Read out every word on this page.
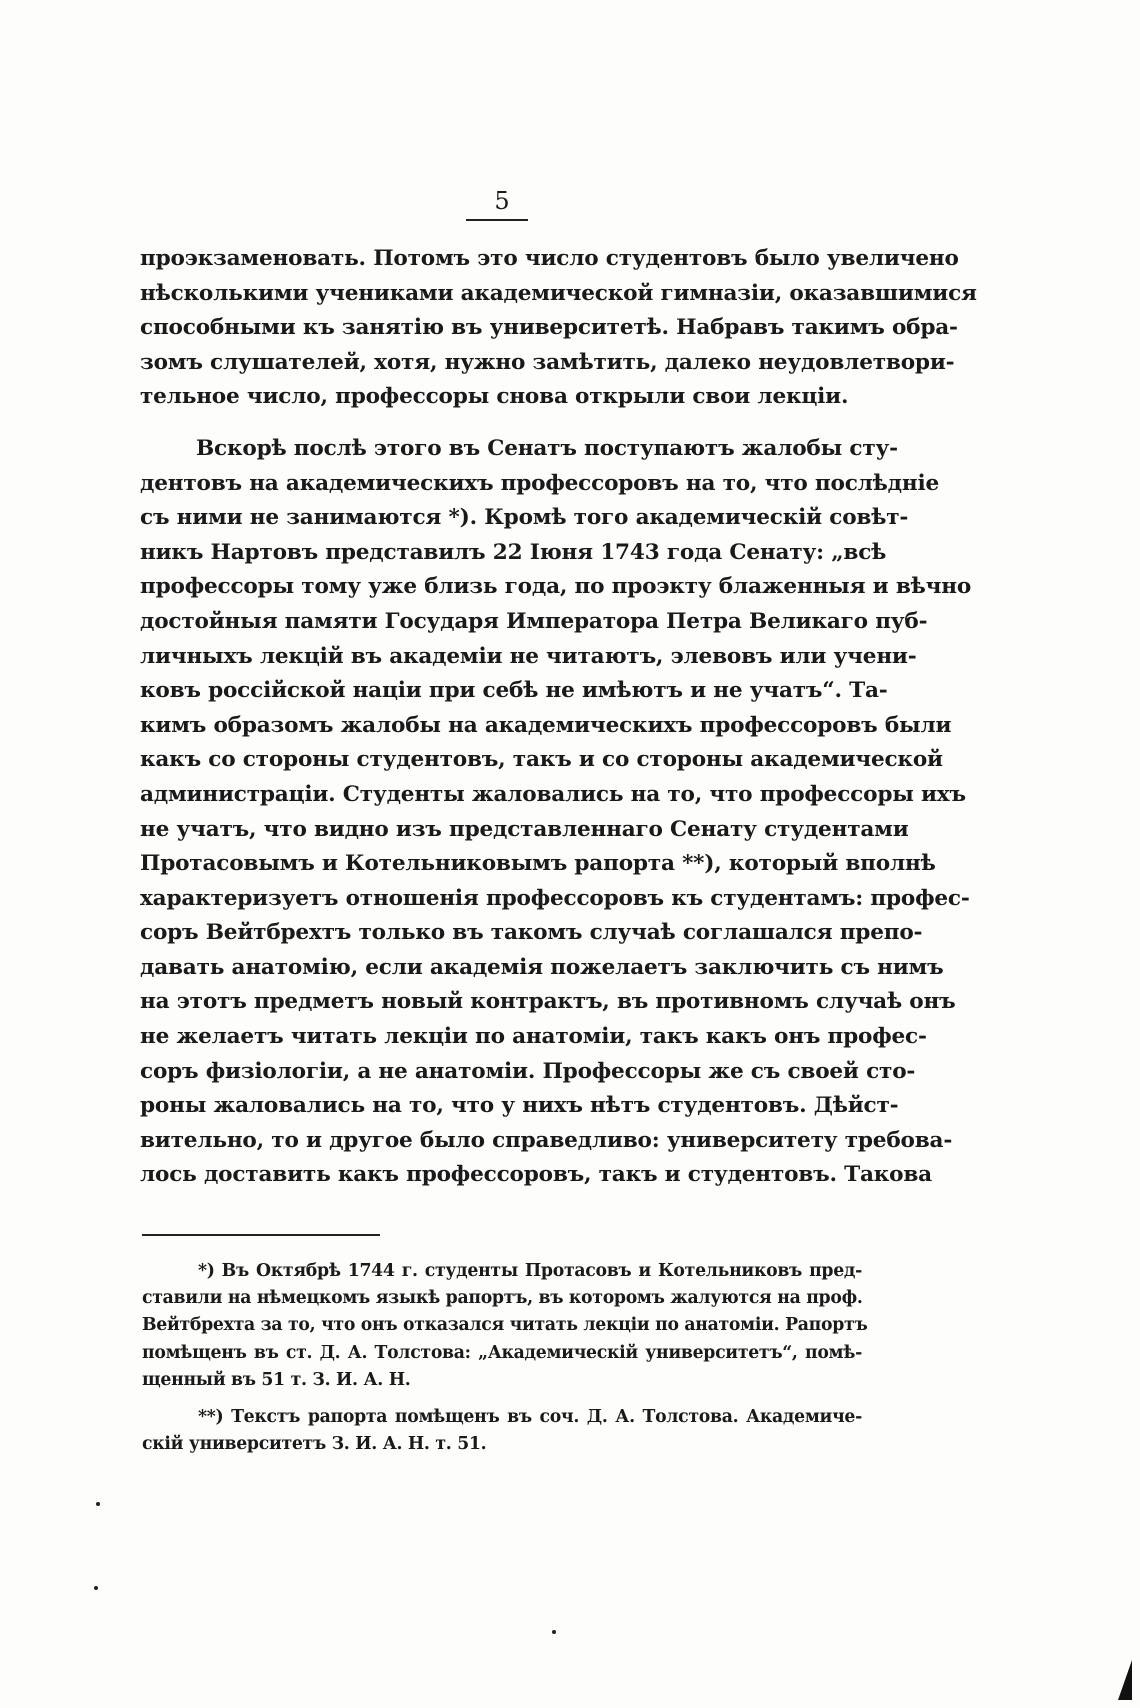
5
проэкзаменовать. Потомъ это число студентовъ было увеличено
нѣсколькими учениками академической гимназіи, оказавшимися
способными къ занятію въ университетѣ. Набравъ такимъ обра-
зомъ слушателей, хотя, нужно замѣтить, далеко неудовлетвори-
тельное число, профессоры снова открыли свои лекціи.
Вскорѣ послѣ этого въ Сенатъ поступаютъ жалобы сту-
дентовъ на академическихъ профессоровъ на то, что послѣдніе
съ ними не занимаются *). Кромѣ того академическій совѣт-
никъ Нартовъ представилъ 22 Іюня 1743 года Сенату: „всѣ
профессоры тому уже близь года, по проэкту блаженныя и вѣчно
достойныя памяти Государя Императора Петра Великаго пуб-
личныхъ лекцій въ академіи не читаютъ, элевовъ или учени-
ковъ россійской націи при себѣ не имѣютъ и не учатъ“. Та-
кимъ образомъ жалобы на академическихъ профессоровъ были
какъ со стороны студентовъ, такъ и со стороны академической
администраціи. Студенты жаловались на то, что профессоры ихъ
не учатъ, что видно изъ представленнаго Сенату студентами
Протасовымъ и Котельниковымъ рапорта **), который вполнѣ
характеризуетъ отношенія профессоровъ къ студентамъ: профес-
соръ Вейтбрехтъ только въ такомъ случаѣ соглашался препо-
давать анатомію, если академія пожелаетъ заключить съ нимъ
на этотъ предметъ новый контрактъ, въ противномъ случаѣ онъ
не желаетъ читать лекціи по анатоміи, такъ какъ онъ профес-
соръ физіологіи, а не анатоміи. Профессоры же съ своей сто-
роны жаловались на то, что у нихъ нѣтъ студентовъ. Дѣйст-
вительно, то и другое было справедливо: университету требова-
лось доставить какъ профессоровъ, такъ и студентовъ. Такова
*) Въ Октябрѣ 1744 г. студенты Протасовъ и Котельниковъ пред-
ставили на нѣмецкомъ языкѣ рапортъ, въ которомъ жалуются на проф.
Вейтбрехта за то, что онъ отказался читать лекціи по анатоміи. Рапортъ
помѣщенъ въ ст. Д. А. Толстова: „Академическій университетъ“, помѣ-
щенный въ 51 т. З. И. А. Н.
**) Текстъ рапорта помѣщенъ въ соч. Д. А. Толстова. Академиче-
скій университетъ З. И. А. Н. т. 51.
